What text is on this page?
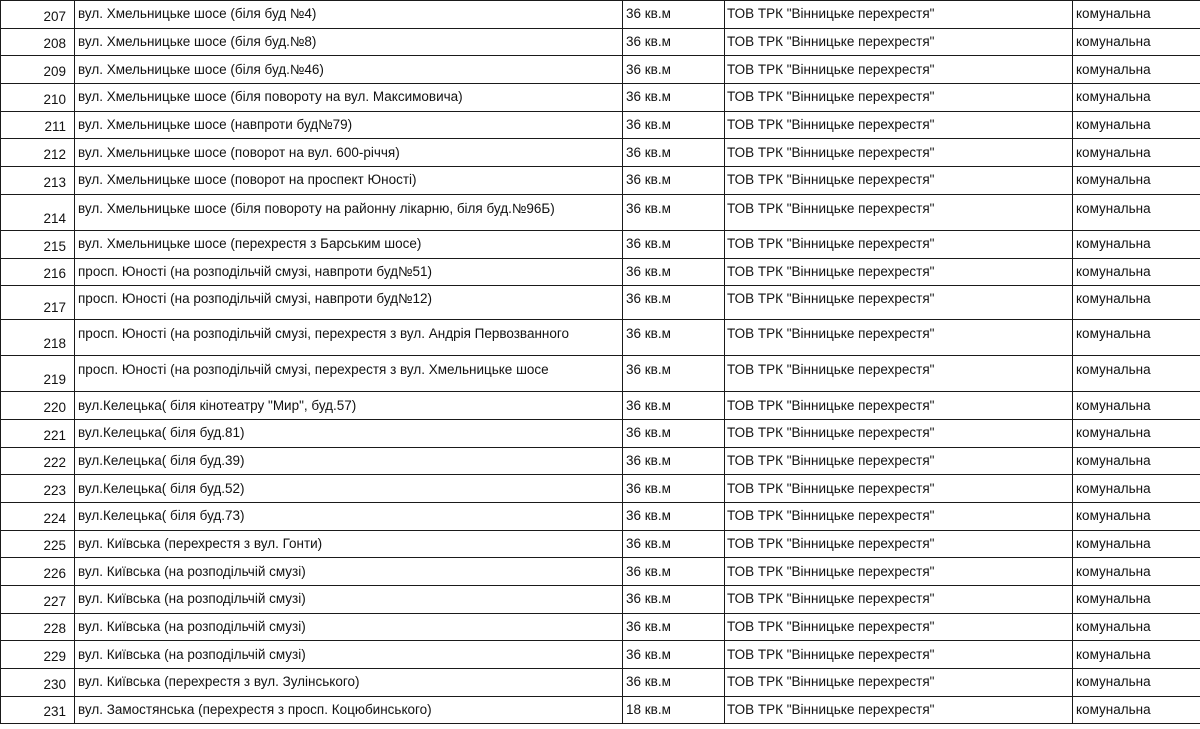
207	вул. Хмельницьке шосе (біля буд №4)	36 кв.м	ТОВ ТРК "Вінницьке перехрестя"	комунальна
208	вул. Хмельницьке шосе (біля буд.№8)	36 кв.м	ТОВ ТРК "Вінницьке перехрестя"	комунальна
209	вул. Хмельницьке шосе (біля буд.№46)	36 кв.м	ТОВ ТРК "Вінницьке перехрестя"	комунальна
210	вул. Хмельницьке шосе (біля повороту на вул. Максимовича)	36 кв.м	ТОВ ТРК "Вінницьке перехрестя"	комунальна
211	вул. Хмельницьке шосе (навпроти буд№79)	36 кв.м	ТОВ ТРК "Вінницьке перехрестя"	комунальна
212	вул. Хмельницьке шосе (поворот на вул. 600-річчя)	36 кв.м	ТОВ ТРК "Вінницьке перехрестя"	комунальна
213	вул. Хмельницьке шосе (поворот на проспект Юності)	36 кв.м	ТОВ ТРК "Вінницьке перехрестя"	комунальна
214	вул. Хмельницьке шосе (біля повороту на районну лікарню, біля буд.№96Б)	36 кв.м	ТОВ ТРК "Вінницьке перехрестя"	комунальна
215	вул. Хмельницьке шосе (перехрестя з Барським шосе)	36 кв.м	ТОВ ТРК "Вінницьке перехрестя"	комунальна
216	просп. Юності (на розподільчій смузі, навпроти буд№51)	36 кв.м	ТОВ ТРК "Вінницьке перехрестя"	комунальна
217	просп. Юності (на розподільчій смузі, навпроти буд№12)	36 кв.м	ТОВ ТРК "Вінницьке перехрестя"	комунальна
218	просп. Юності (на розподільчій смузі, перехрестя з вул. Андрія Первозванного	36 кв.м	ТОВ ТРК "Вінницьке перехрестя"	комунальна
219	просп. Юності (на розподільчій смузі, перехрестя з вул. Хмельницьке шосе	36 кв.м	ТОВ ТРК "Вінницьке перехрестя"	комунальна
220	вул.Келецька( біля кінотеатру "Мир", буд.57)	36 кв.м	ТОВ ТРК "Вінницьке перехрестя"	комунальна
221	вул.Келецька( біля буд.81)	36 кв.м	ТОВ ТРК "Вінницьке перехрестя"	комунальна
222	вул.Келецька( біля буд.39)	36 кв.м	ТОВ ТРК "Вінницьке перехрестя"	комунальна
223	вул.Келецька( біля буд.52)	36 кв.м	ТОВ ТРК "Вінницьке перехрестя"	комунальна
224	вул.Келецька( біля буд.73)	36 кв.м	ТОВ ТРК "Вінницьке перехрестя"	комунальна
225	вул. Київська (перехрестя з вул. Гонти)	36 кв.м	ТОВ ТРК "Вінницьке перехрестя"	комунальна
226	вул. Київська (на розподільчій смузі)	36 кв.м	ТОВ ТРК "Вінницьке перехрестя"	комунальна
227	вул. Київська (на розподільчій смузі)	36 кв.м	ТОВ ТРК "Вінницьке перехрестя"	комунальна
228	вул. Київська (на розподільчій смузі)	36 кв.м	ТОВ ТРК "Вінницьке перехрестя"	комунальна
229	вул. Київська (на розподільчій смузі)	36 кв.м	ТОВ ТРК "Вінницьке перехрестя"	комунальна
230	вул. Київська (перехрестя з вул. Зулінського)	36 кв.м	ТОВ ТРК "Вінницьке перехрестя"	комунальна
231	вул. Замостянська (перехрестя з просп. Коцюбинського)	18 кв.м	ТОВ ТРК "Вінницьке перехрестя"	комунальна
